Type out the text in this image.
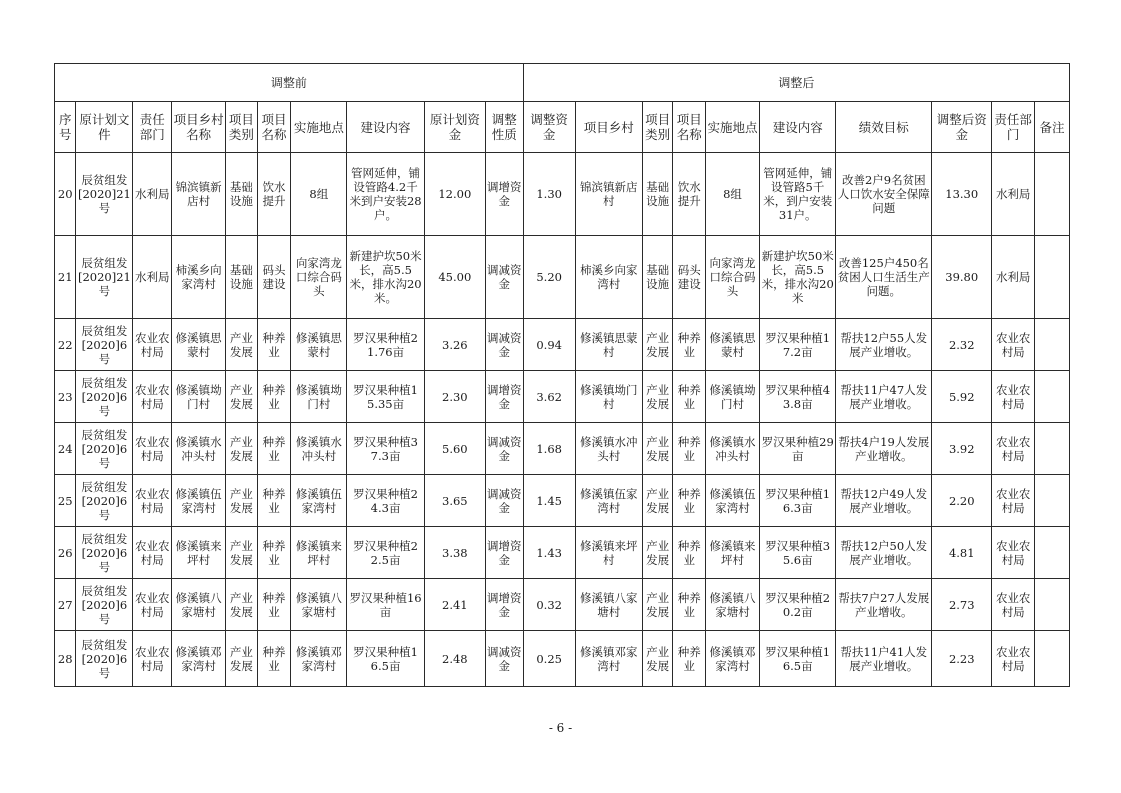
调整前										调整后									
序号	原计划文件	责任部门	项目乡村名称	项目类别	项目名称	实施地点	建设内容	原计划资金	调整性质	调整资金	项目乡村	项目类别	项目名称	实施地点	建设内容	绩效目标	调整后资金	责任部门	备注
20	辰贫组发[2020]21号	水利局	锦滨镇新店村	基础设施	饮水提升	8组	管网延伸，铺设管路4.2千米到户安装28户。	12.00	调增资金	1.30	锦滨镇新店村	基础设施	饮水提升	8组	管网延伸，铺设管路5千米，到户安装31户。	改善2户9名贫困人口饮水安全保障问题	13.30	水利局	
21	辰贫组发[2020]21号	水利局	柿溪乡向家湾村	基础设施	码头建设	向家湾龙口综合码头	新建护坎50米长，高5.5米，排水沟20米。	45.00	调减资金	5.20	柿溪乡向家湾村	基础设施	码头建设	向家湾龙口综合码头	新建护坎50米长，高5.5米，排水沟20米	改善125户450名贫困人口生活生产问题。	39.80	水利局	
22	辰贫组发[2020]6号	农业农村局	修溪镇思蒙村	产业发展	种养业	修溪镇思蒙村	罗汉果种植21.76亩	3.26	调减资金	0.94	修溪镇思蒙村	产业发展	种养业	修溪镇思蒙村	罗汉果种植17.2亩	帮扶12户55人发展产业增收。	2.32	农业农村局	
23	辰贫组发[2020]6号	农业农村局	修溪镇坳门村	产业发展	种养业	修溪镇坳门村	罗汉果种植15.35亩	2.30	调增资金	3.62	修溪镇坳门村	产业发展	种养业	修溪镇坳门村	罗汉果种植43.8亩	帮扶11户47人发展产业增收。	5.92	农业农村局	
24	辰贫组发[2020]6号	农业农村局	修溪镇水冲头村	产业发展	种养业	修溪镇水冲头村	罗汉果种植37.3亩	5.60	调减资金	1.68	修溪镇水冲头村	产业发展	种养业	修溪镇水冲头村	罗汉果种植29亩	帮扶4户19人发展产业增收。	3.92	农业农村局	
25	辰贫组发[2020]6号	农业农村局	修溪镇伍家湾村	产业发展	种养业	修溪镇伍家湾村	罗汉果种植24.3亩	3.65	调减资金	1.45	修溪镇伍家湾村	产业发展	种养业	修溪镇伍家湾村	罗汉果种植16.3亩	帮扶12户49人发展产业增收。	2.20	农业农村局	
26	辰贫组发[2020]6号	农业农村局	修溪镇来坪村	产业发展	种养业	修溪镇来坪村	罗汉果种植22.5亩	3.38	调增资金	1.43	修溪镇来坪村	产业发展	种养业	修溪镇来坪村	罗汉果种植35.6亩	帮扶12户50人发展产业增收。	4.81	农业农村局	
27	辰贫组发[2020]6号	农业农村局	修溪镇八家塘村	产业发展	种养业	修溪镇八家塘村	罗汉果种植16亩	2.41	调增资金	0.32	修溪镇八家塘村	产业发展	种养业	修溪镇八家塘村	罗汉果种植20.2亩	帮扶7户27人发展产业增收。	2.73	农业农村局	
28	辰贫组发[2020]6号	农业农村局	修溪镇邓家湾村	产业发展	种养业	修溪镇邓家湾村	罗汉果种植16.5亩	2.48	调减资金	0.25	修溪镇邓家湾村	产业发展	种养业	修溪镇邓家湾村	罗汉果种植16.5亩	帮扶11户41人发展产业增收。	2.23	农业农村局	
- 6 -
